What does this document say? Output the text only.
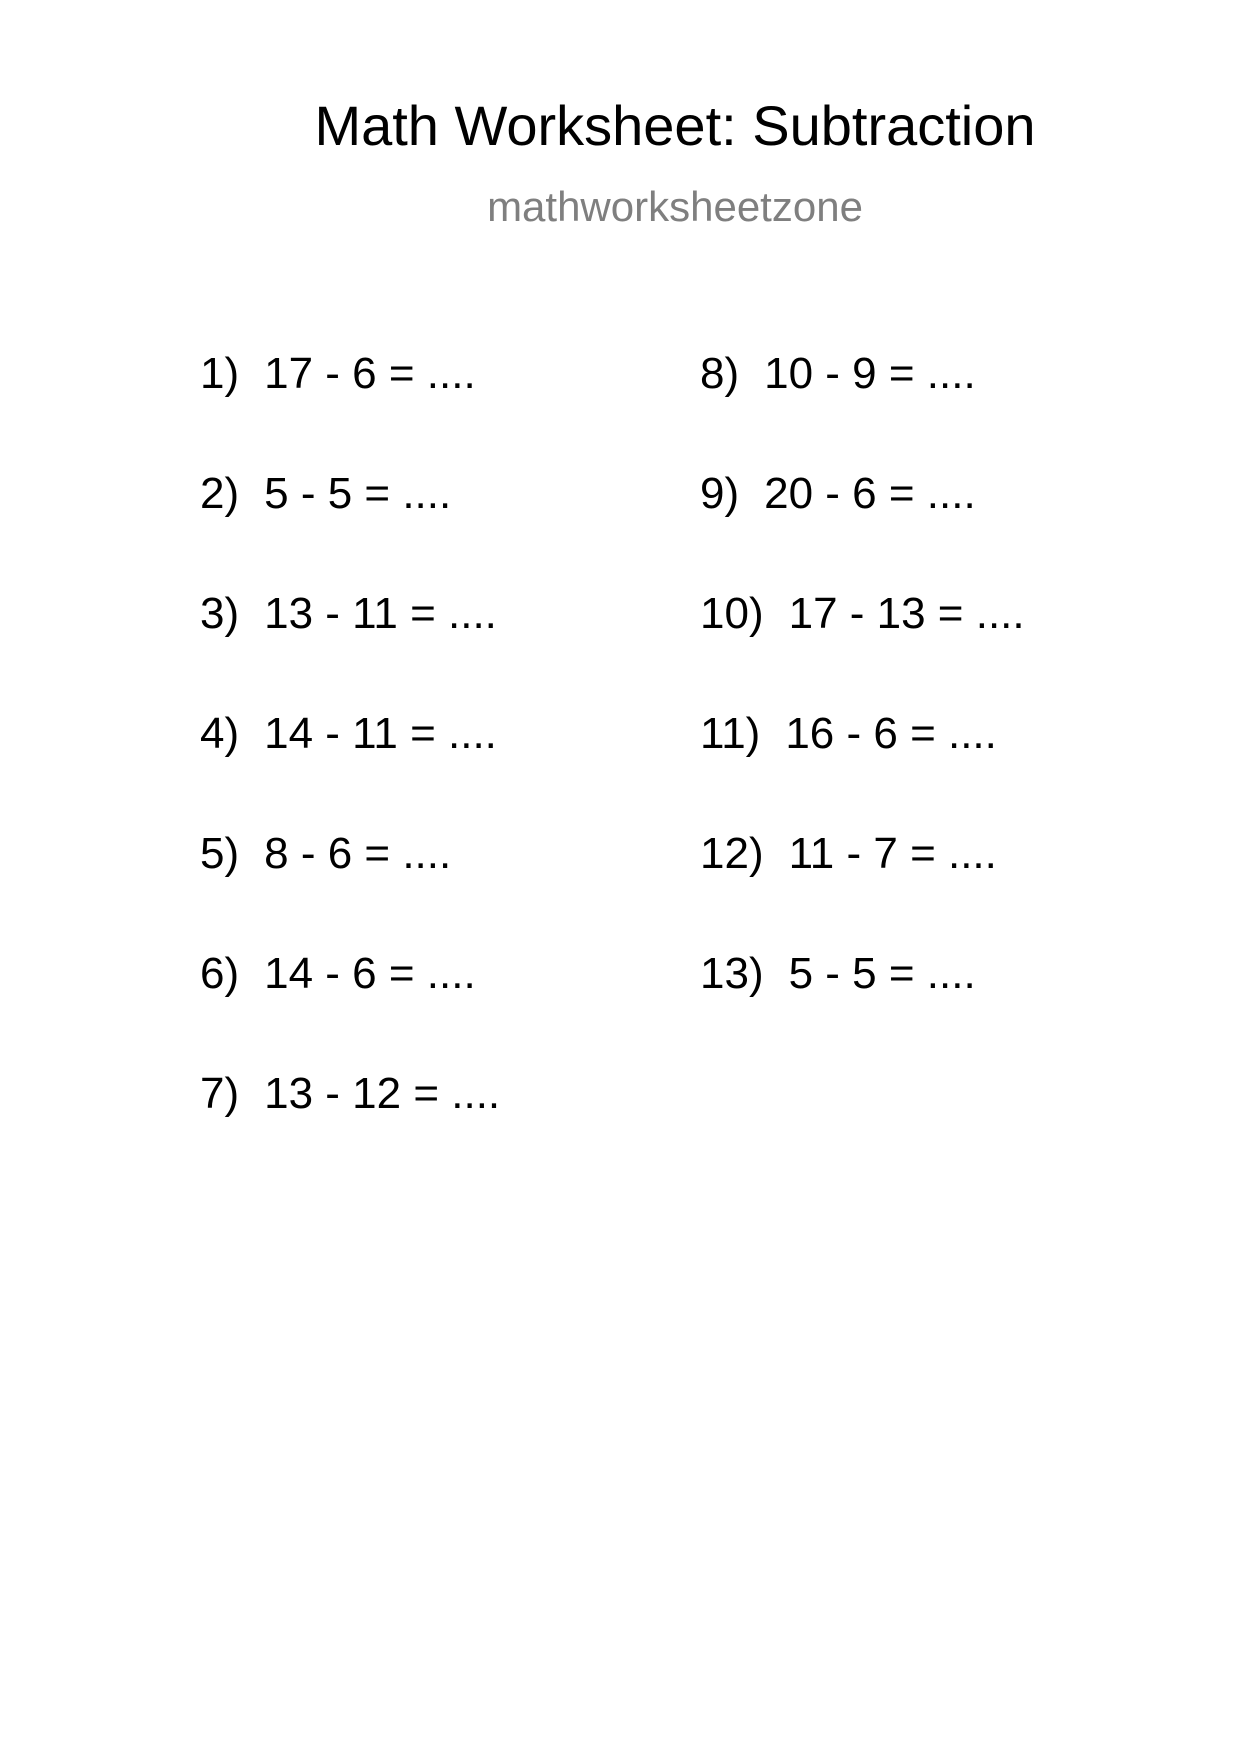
Math Worksheet: Subtraction
mathworksheetzone
1) 17 - 6 = ....
2) 5 - 5 = ....
3) 13 - 11 = ....
4) 14 - 11 = ....
5) 8 - 6 = ....
6) 14 - 6 = ....
7) 13 - 12 = ....
8) 10 - 9 = ....
9) 20 - 6 = ....
10) 17 - 13 = ....
11) 16 - 6 = ....
12) 11 - 7 = ....
13) 5 - 5 = ....
